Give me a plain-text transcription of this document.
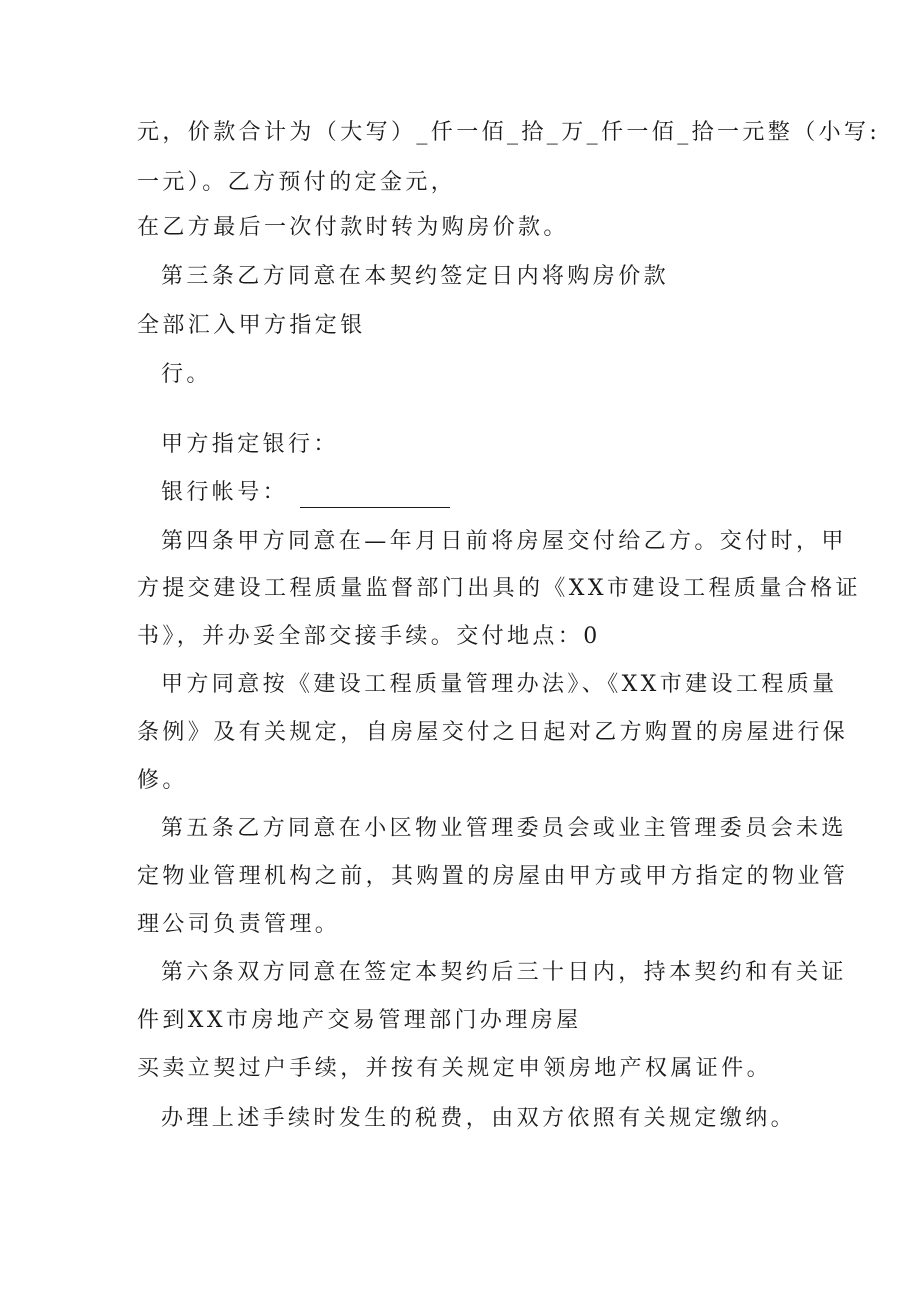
元，价款合计为（大写）_仟一佰_拾_万_仟一佰_拾一元整（小写:
一元）。乙方预付的定金元，
在乙方最后一次付款时转为购房价款。
第三条乙方同意在本契约签定日内将购房价款
全部汇入甲方指定银
行。
甲方指定银行：
银行帐号：
第四条甲方同意在—年月日前将房屋交付给乙方。交付时，甲
方提交建设工程质量监督部门出具的《XX市建设工程质量合格证
书》，并办妥全部交接手续。交付地点：0
甲方同意按《建设工程质量管理办法》、《XX市建设工程质量
条例》及有关规定，自房屋交付之日起对乙方购置的房屋进行保
修。
第五条乙方同意在小区物业管理委员会或业主管理委员会未选
定物业管理机构之前，其购置的房屋由甲方或甲方指定的物业管
理公司负责管理。
第六条双方同意在签定本契约后三十日内，持本契约和有关证
件到XX市房地产交易管理部门办理房屋
买卖立契过户手续，并按有关规定申领房地产权属证件。
办理上述手续时发生的税费，由双方依照有关规定缴纳。
